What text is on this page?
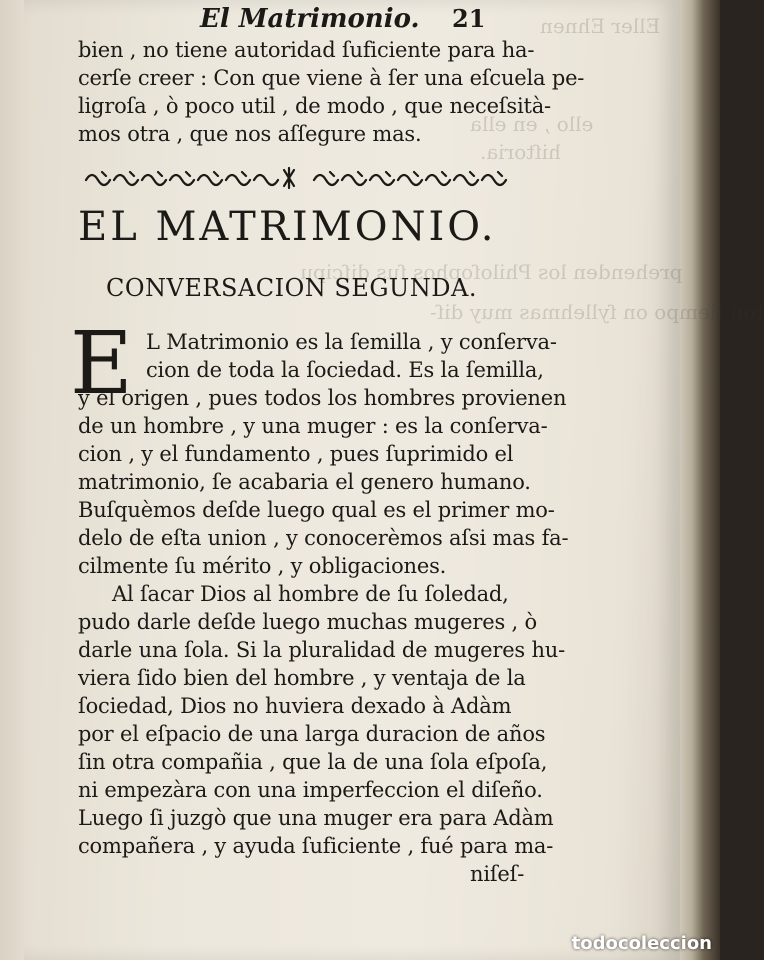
Eller Ehnen
ello , en ella
hiſtoria.
prehenden los Philoſophos ſus diſcipu
ton tiempo on ſyllehmas muy diſ-
El Matrimonio. 21
bien , no tiene autoridad ſuficiente para ha-
cerſe creer : Con que viene à ſer una eſcuela pe-
ligroſa , ò poco util , de modo , que neceſsità-
mos otra , que nos aſſegure mas.
EL MATRIMONIO.
CONVERSACION SEGUNDA.
E L Matrimonio es la ſemilla , y conſerva-
cion de toda la ſociedad. Es la ſemilla,
y el origen , pues todos los hombres provienen
de un hombre , y una muger : es la conſerva-
cion , y el fundamento , pues ſuprimido el
matrimonio, ſe acabaria el genero humano.
Buſquèmos deſde luego qual es el primer mo-
delo de eſta union , y conocerèmos aſsi mas fa-
cilmente ſu mérito , y obligaciones.
Al ſacar Dios al hombre de ſu ſoledad,
pudo darle deſde luego muchas mugeres , ò
darle una ſola. Si la pluralidad de mugeres hu-
viera ſido bien del hombre , y ventaja de la
ſociedad, Dios no huviera dexado à Adàm
por el eſpacio de una larga duracion de años
ſin otra compañia , que la de una ſola eſpoſa,
ni empezàra con una imperfeccion el diſeño.
Luego ſi juzgò que una muger era para Adàm
compañera , y ayuda ſuficiente , fué para ma-
niſeſ-
todocoleccion
